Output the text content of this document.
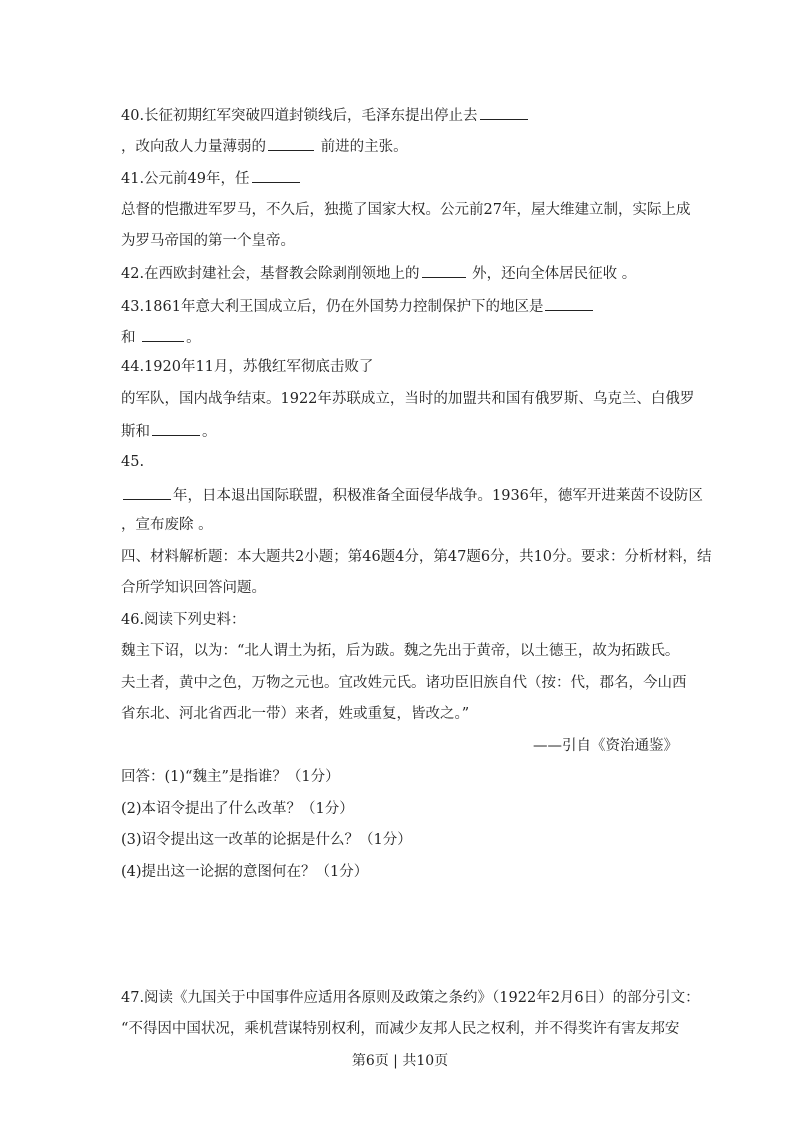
40.长征初期红军突破四道封锁线后，毛泽东提出停止去
，改向敌人力量薄弱的	前进的主张。
41.公元前49年，任
总督的恺撒进军罗马，不久后，独揽了国家大权。公元前27年，屋大维建立制，实际上成
为罗马帝国的第一个皇帝。
42.在西欧封建社会，基督教会除剥削领地上的	外，还向全体居民征收 。
43.1861年意大利王国成立后，仍在外国势力控制保护下的地区是
和	。
44.1920年11月，苏俄红军彻底击败了
的军队，国内战争结束。1922年苏联成立，当时的加盟共和国有俄罗斯、乌克兰、白俄罗
斯和	。
45.
年，日本退出国际联盟，积极准备全面侵华战争。1936年，德军开进莱茵不设防区
，宣布废除 。
四、材料解析题：本大题共2小题；第46题4分，第47题6分，共10分。要求：分析材料，结
合所学知识回答问题。
46.阅读下列史料：
魏主下诏，以为：“北人谓土为拓，后为跋。魏之先出于黄帝，以土德王，故为拓跋氏。
夫土者，黄中之色，万物之元也。宜改姓元氏。诸功臣旧族自代（按：代，郡名，今山西
省东北、河北省西北一带）来者，姓或重复，皆改之。”
——引自《资治通鉴》
回答：(1)“魏主”是指谁？（1分）
(2)本诏令提出了什么改革？（1分）
(3)诏令提出这一改革的论据是什么？（1分）
(4)提出这一论据的意图何在？（1分）
47.阅读《九国关于中国事件应适用各原则及政策之条约》（1922年2月6日）的部分引文：
“不得因中国状况，乘机营谋特别权利，而减少友邦人民之权利，并不得奖许有害友邦安
第6页 | 共10页
